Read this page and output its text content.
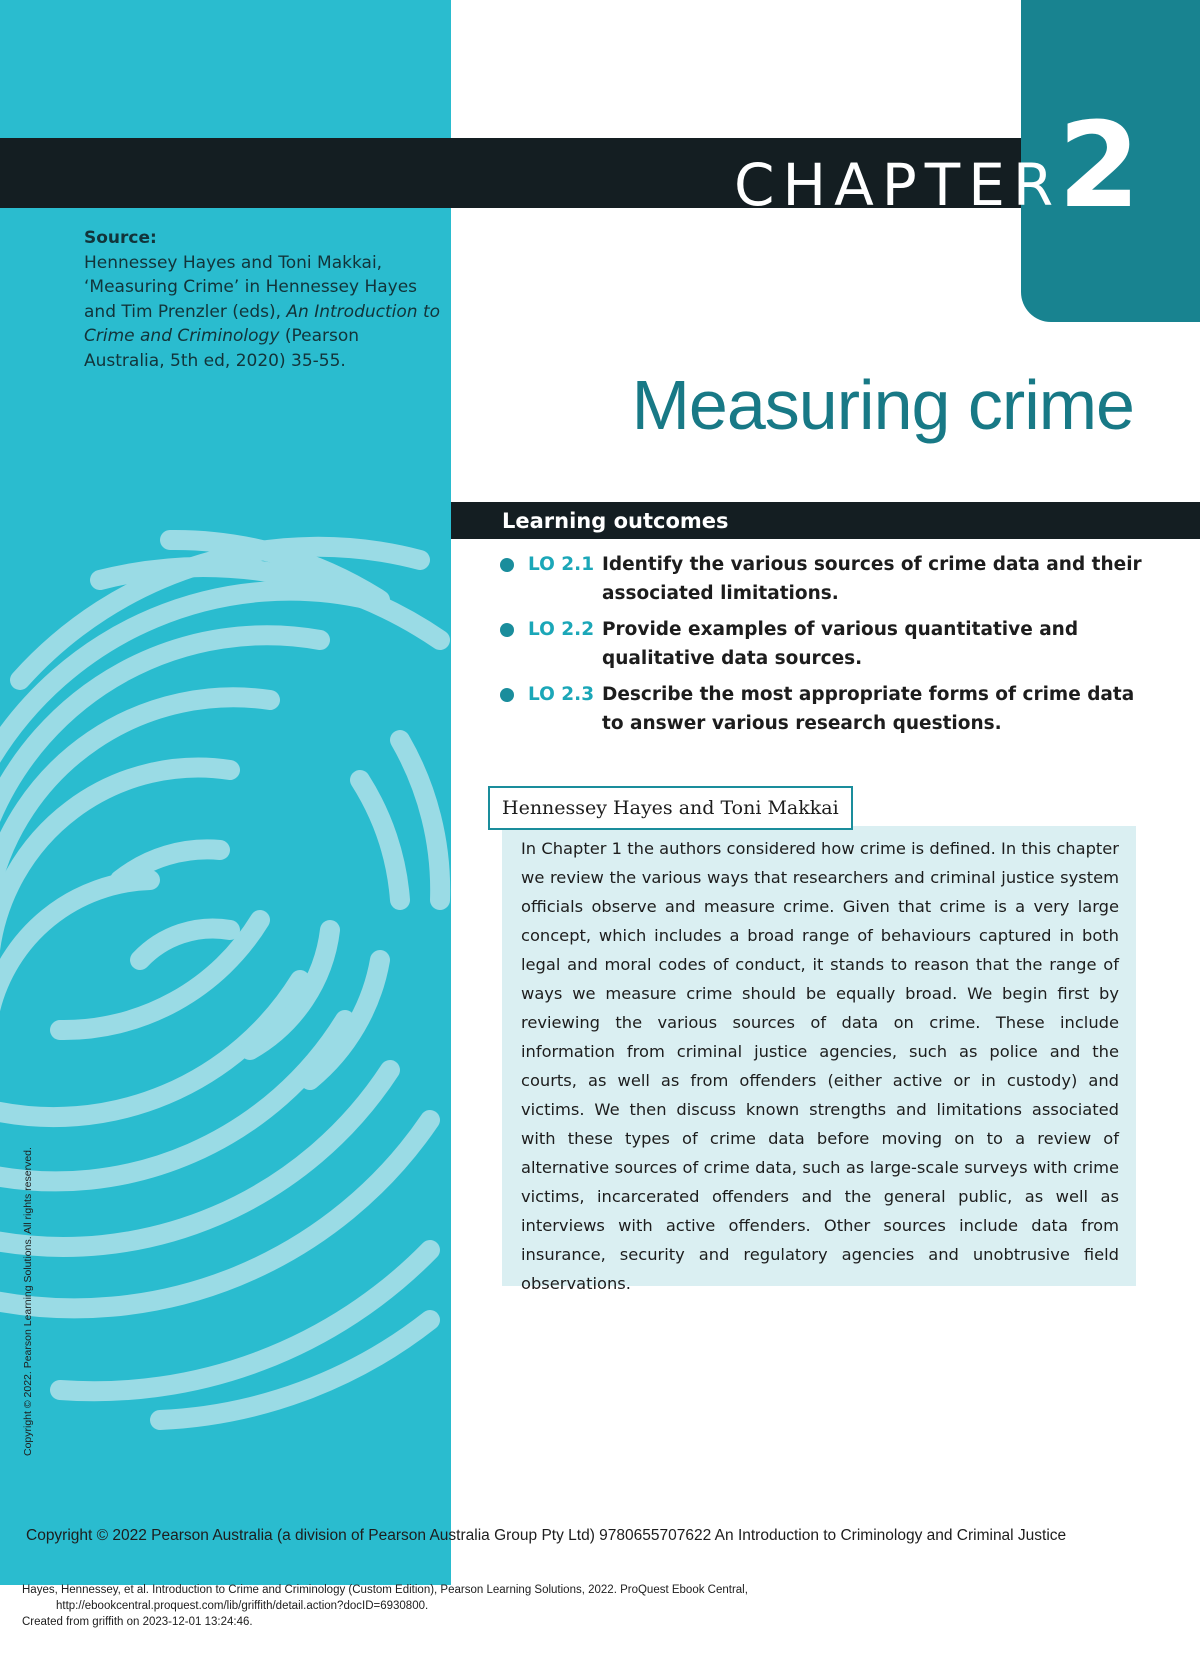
CHAPTER
2
Source:
Hennessey Hayes and Toni Makkai, ‘Measuring Crime’ in Hennessey Hayes and Tim Prenzler (eds), An Introduction to Crime and Criminology (Pearson Australia, 5th ed, 2020) 35-55.
Measuring crime
Learning outcomes
LO 2.1 Identify the various sources of crime data and their associated limitations.
LO 2.2 Provide examples of various quantitative and qualitative data sources.
LO 2.3 Describe the most appropriate forms of crime data to answer various research questions.
Hennessey Hayes and Toni Makkai

In Chapter 1 the authors considered how crime is defined. In this chapter we review the various ways that researchers and criminal justice system officials observe and measure crime. Given that crime is a very large concept, which includes a broad range of behaviours captured in both legal and moral codes of conduct, it stands to reason that the range of ways we measure crime should be equally broad. We begin first by reviewing the various sources of data on crime. These include information from criminal justice agencies, such as police and the courts, as well as from offenders (either active or in custody) and victims. We then discuss known strengths and limitations associated with these types of crime data before moving on to a review of alternative sources of crime data, such as large-scale surveys with crime victims, incarcerated offenders and the general public, as well as interviews with active offenders. Other sources include data from insurance, security and regulatory agencies and unobtrusive field observations.

Copyright © 2022. Pearson Learning Solutions. All rights reserved.
Copyright © 2022 Pearson Australia (a division of Pearson Australia Group Pty Ltd) 9780655707622 An Introduction to Criminology and Criminal Justice
Hayes, Hennessey, et al. Introduction to Crime and Criminology (Custom Edition), Pearson Learning Solutions, 2022. ProQuest Ebook Central,
http://ebookcentral.proquest.com/lib/griffith/detail.action?docID=6930800.
Created from griffith on 2023-12-01 13:24:46.
